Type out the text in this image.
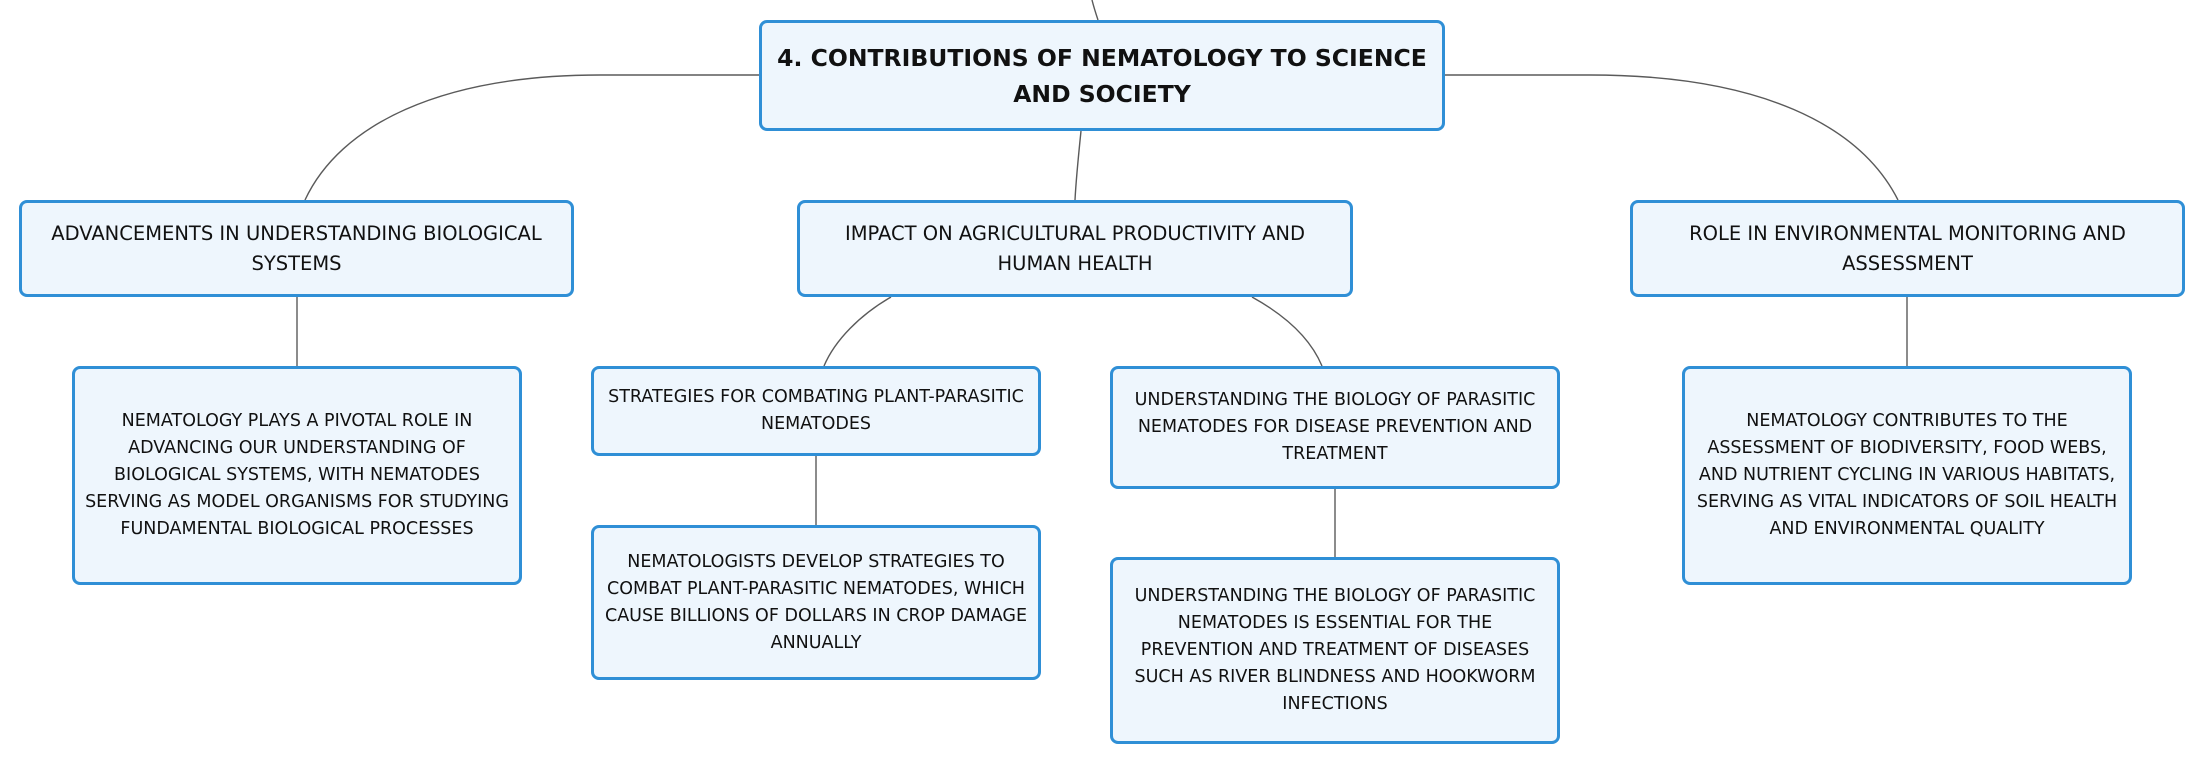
4. CONTRIBUTIONS OF NEMATOLOGY TO SCIENCE AND SOCIETY
ADVANCEMENTS IN UNDERSTANDING BIOLOGICAL SYSTEMS
IMPACT ON AGRICULTURAL PRODUCTIVITY AND HUMAN HEALTH
ROLE IN ENVIRONMENTAL MONITORING AND ASSESSMENT
NEMATOLOGY PLAYS A PIVOTAL ROLE IN ADVANCING OUR UNDERSTANDING OF BIOLOGICAL SYSTEMS, WITH NEMATODES SERVING AS MODEL ORGANISMS FOR STUDYING FUNDAMENTAL BIOLOGICAL PROCESSES
STRATEGIES FOR COMBATING PLANT-PARASITIC NEMATODES
NEMATOLOGISTS DEVELOP STRATEGIES TO COMBAT PLANT-PARASITIC NEMATODES, WHICH CAUSE BILLIONS OF DOLLARS IN CROP DAMAGE ANNUALLY
UNDERSTANDING THE BIOLOGY OF PARASITIC NEMATODES FOR DISEASE PREVENTION AND TREATMENT
UNDERSTANDING THE BIOLOGY OF PARASITIC NEMATODES IS ESSENTIAL FOR THE PREVENTION AND TREATMENT OF DISEASES SUCH AS RIVER BLINDNESS AND HOOKWORM INFECTIONS
NEMATOLOGY CONTRIBUTES TO THE ASSESSMENT OF BIODIVERSITY, FOOD WEBS, AND NUTRIENT CYCLING IN VARIOUS HABITATS, SERVING AS VITAL INDICATORS OF SOIL HEALTH AND ENVIRONMENTAL QUALITY
